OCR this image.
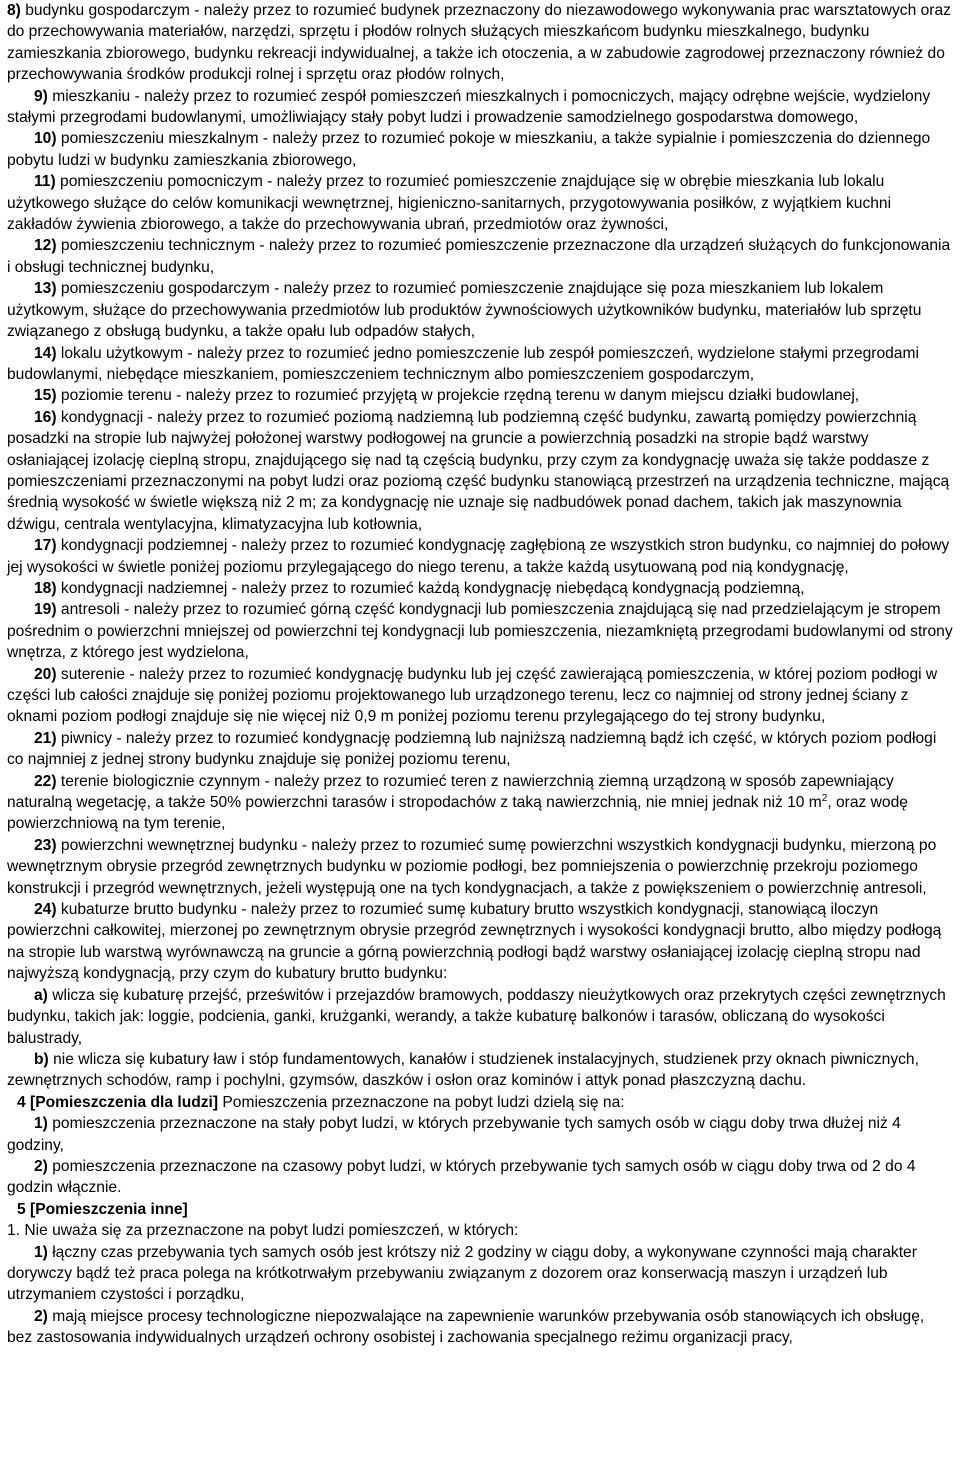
8) budynku gospodarczym - należy przez to rozumieć budynek przeznaczony do niezawodowego wykonywania prac warsztatowych oraz do przechowywania materiałów, narzędzi, sprzętu i płodów rolnych służących mieszkańcom budynku mieszkalnego, budynku zamieszkania zbiorowego, budynku rekreacji indywidualnej, a także ich otoczenia, a w zabudowie zagrodowej przeznaczony również do przechowywania środków produkcji rolnej i sprzętu oraz płodów rolnych,

9) mieszkaniu - należy przez to rozumieć zespół pomieszczeń mieszkalnych i pomocniczych, mający odrębne wejście, wydzielony stałymi przegrodami budowlanymi, umożliwiający stały pobyt ludzi i prowadzenie samodzielnego gospodarstwa domowego,

10) pomieszczeniu mieszkalnym - należy przez to rozumieć pokoje w mieszkaniu, a także sypialnie i pomieszczenia do dziennego pobytu ludzi w budynku zamieszkania zbiorowego,

11) pomieszczeniu pomocniczym - należy przez to rozumieć pomieszczenie znajdujące się w obrębie mieszkania lub lokalu użytkowego służące do celów komunikacji wewnętrznej, higieniczno-sanitarnych, przygotowywania posiłków, z wyjątkiem kuchni zakładów żywienia zbiorowego, a także do przechowywania ubrań, przedmiotów oraz żywności,

12) pomieszczeniu technicznym - należy przez to rozumieć pomieszczenie przeznaczone dla urządzeń służących do funkcjonowania i obsługi technicznej budynku,

13) pomieszczeniu gospodarczym - należy przez to rozumieć pomieszczenie znajdujące się poza mieszkaniem lub lokalem użytkowym, służące do przechowywania przedmiotów lub produktów żywnościowych użytkowników budynku, materiałów lub sprzętu związanego z obsługą budynku, a także opału lub odpadów stałych,

14) lokalu użytkowym - należy przez to rozumieć jedno pomieszczenie lub zespół pomieszczeń, wydzielone stałymi przegrodami budowlanymi, niebędące mieszkaniem, pomieszczeniem technicznym albo pomieszczeniem gospodarczym,

15) poziomie terenu - należy przez to rozumieć przyjętą w projekcie rzędną terenu w danym miejscu działki budowlanej,

16) kondygnacji - należy przez to rozumieć poziomą nadziemną lub podziemną część budynku, zawartą pomiędzy powierzchnią posadzki na stropie lub najwyżej położonej warstwy podłogowej na gruncie a powierzchnią posadzki na stropie bądź warstwy osłaniającej izolację cieplną stropu, znajdującego się nad tą częścią budynku, przy czym za kondygnację uważa się także poddasze z pomieszczeniami przeznaczonymi na pobyt ludzi oraz poziomą część budynku stanowiącą przestrzeń na urządzenia techniczne, mającą średnią wysokość w świetle większą niż 2 m; za kondygnację nie uznaje się nadbudówek ponad dachem, takich jak maszynownia dźwigu, centrala wentylacyjna, klimatyzacyjna lub kotłownia,

17) kondygnacji podziemnej - należy przez to rozumieć kondygnację zagłębioną ze wszystkich stron budynku, co najmniej do połowy jej wysokości w świetle poniżej poziomu przylegającego do niego terenu, a także każdą usytuowaną pod nią kondygnację,

18) kondygnacji nadziemnej - należy przez to rozumieć każdą kondygnację niebędącą kondygnacją podziemną,

19) antresoli - należy przez to rozumieć górną część kondygnacji lub pomieszczenia znajdującą się nad przedzielającym je stropem pośrednim o powierzchni mniejszej od powierzchni tej kondygnacji lub pomieszczenia, niezamkniętą przegrodami budowlanymi od strony wnętrza, z którego jest wydzielona,

20) suterenie - należy przez to rozumieć kondygnację budynku lub jej część zawierającą pomieszczenia, w której poziom podłogi w części lub całości znajduje się poniżej poziomu projektowanego lub urządzonego terenu, lecz co najmniej od strony jednej ściany z oknami poziom podłogi znajduje się nie więcej niż 0,9 m poniżej poziomu terenu przylegającego do tej strony budynku,

21) piwnicy - należy przez to rozumieć kondygnację podziemną lub najniższą nadziemną bądź ich część, w których poziom podłogi co najmniej z jednej strony budynku znajduje się poniżej poziomu terenu,

22) terenie biologicznie czynnym - należy przez to rozumieć teren z nawierzchnią ziemną urządzoną w sposób zapewniający naturalną wegetację, a także 50% powierzchni tarasów i stropodachów z taką nawierzchnią, nie mniej jednak niż 10 $m^2$, oraz wodę powierzchniową na tym terenie,

23) powierzchni wewnętrznej budynku - należy przez to rozumieć sumę powierzchni wszystkich kondygnacji budynku, mierzoną po wewnętrznym obrysie przegród zewnętrznych budynku w poziomie podłogi, bez pomniejszenia o powierzchnię przekroju poziomego konstrukcji i przegród wewnętrznych, jeżeli występują one na tych kondygnacjach, a także z powiększeniem o powierzchnię antresoli,

24) kubaturze brutto budynku - należy przez to rozumieć sumę kubatury brutto wszystkich kondygnacji, stanowiącą iloczyn powierzchni całkowitej, mierzonej po zewnętrznym obrysie przegród zewnętrznych i wysokości kondygnacji brutto, albo między podłogą na stropie lub warstwą wyrównawczą na gruncie a górną powierzchnią podłogi bądź warstwy osłaniającej izolację cieplną stropu nad najwyższą kondygnacją, przy czym do kubatury brutto budynku:

a) wlicza się kubaturę przejść, prześwitów i przejazdów bramowych, poddaszy nieużytkowych oraz przekrytych części zewnętrznych budynku, takich jak: loggie, podcienia, ganki, krużganki, werandy, a także kubaturę balkonów i tarasów, obliczaną do wysokości balustrady,

b) nie wlicza się kubatury ław i stóp fundamentowych, kanałów i studzienek instalacyjnych, studzienek przy oknach piwnicznych, zewnętrznych schodów, ramp i pochylni, gzymsów, daszków i osłon oraz kominów i attyk ponad płaszczyzną dachu.

4 [Pomieszczenia dla ludzi] Pomieszczenia przeznaczone na pobyt ludzi dzielą się na:

1) pomieszczenia przeznaczone na stały pobyt ludzi, w których przebywanie tych samych osób w ciągu doby trwa dłużej niż 4 godziny,

2) pomieszczenia przeznaczone na czasowy pobyt ludzi, w których przebywanie tych samych osób w ciągu doby trwa od 2 do 4 godzin włącznie.

5 [Pomieszczenia inne]

1. Nie uważa się za przeznaczone na pobyt ludzi pomieszczeń, w których:

1) łączny czas przebywania tych samych osób jest krótszy niż 2 godziny w ciągu doby, a wykonywane czynności mają charakter dorywczy bądź też praca polega na krótkotrwałym przebywaniu związanym z dozorem oraz konserwacją maszyn i urządzeń lub utrzymaniem czystości i porządku,

2) mają miejsce procesy technologiczne niepozwalające na zapewnienie warunków przebywania osób stanowiących ich obsługę, bez zastosowania indywidualnych urządzeń ochrony osobistej i zachowania specjalnego reżimu organizacji pracy,
